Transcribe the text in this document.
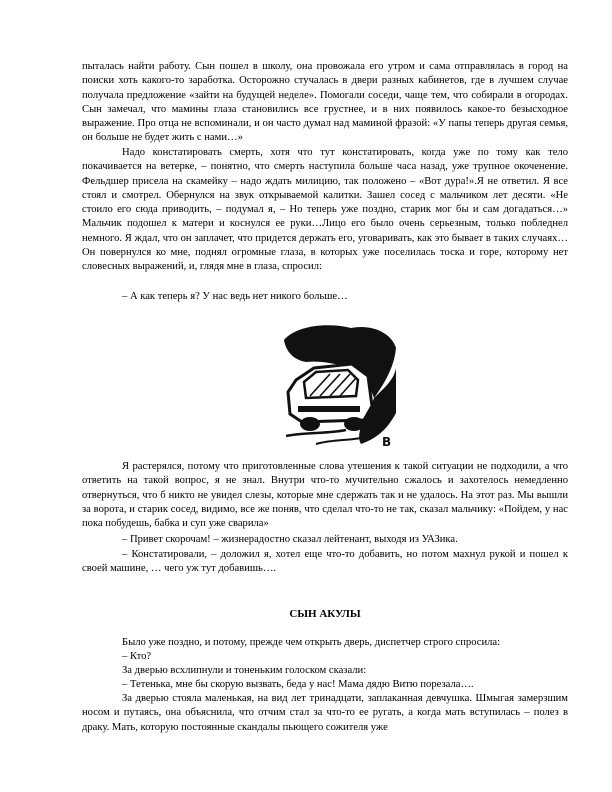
пыталась найти работу. Сын пошел в школу, она провожала его утром и сама отправлялась в город на поиски хоть какого-то заработка. Осторожно стучалась в двери разных кабинетов, где в лучшем случае получала предложение «зайти на будущей неделе». Помогали соседи, чаще тем, что собирали в огородах. Сын замечал, что мамины глаза становились все грустнее, и в них появилось какое-то безысходное выражение. Про отца не вспоминали, и он часто думал над маминой фразой: «У папы теперь другая семья, он больше не будет жить с нами…»

Надо констатировать смерть, хотя что тут констатировать, когда уже по тому как тело покачивается на ветерке, – понятно, что смерть наступила больше часа назад, уже трупное окоченение. Фельдшер присела на скамейку – надо ждать милицию, так положено – «Вот дура!».Я не ответил. Я все стоял и смотрел. Обернулся на звук открываемой калитки. Зашел сосед с мальчиком лет десяти. «Не стоило его сюда приводить, – подумал я, – Но теперь уже поздно, старик мог бы и сам догадаться…» Мальчик подошел к матери и коснулся ее руки…Лицо его было очень серьезным, только побледнел немного. Я ждал, что он заплачет, что придется держать его, уговаривать, как это бывает в таких случаях… Он повернулся ко мне, поднял огромные глаза, в которых уже поселилась тоска и горе, которому нет словесных выражений, и, глядя мне в глаза, спросил:

– А как теперь я? У нас ведь нет никого больше…

В

Я растерялся, потому что приготовленные слова утешения к такой ситуации не подходили, а что ответить на такой вопрос, я не знал. Внутри что-то мучительно сжалось и захотелось немедленно отвернуться, что б никто не увидел слезы, которые мне сдержать так и не удалось. На этот раз. Мы вышли за ворота, и старик сосед, видимо, все же поняв, что сделал что-то не так, сказал мальчику: «Пойдем, у нас пока побудешь, бабка и суп уже сварила»

– Привет скорочам! – жизнерадостно сказал лейтенант, выходя из УАЗика.

– Констатировали, – доложил я, хотел еще что-то добавить, но потом махнул рукой и пошел к своей машине, … чего уж тут добавишь….

СЫН АКУЛЫ

Было уже поздно, и потому, прежде чем открыть дверь, диспетчер строго спросила:

– Кто?

За дверью всхлипнули и тоненьким голоском сказали:

– Тетенька, мне бы скорую вызвать, беда у нас! Мама дядю Витю порезала….

За дверью стояла маленькая, на вид лет тринадцати, заплаканная девчушка. Шмыгая замерзшим носом и путаясь, она объяснила, что отчим стал за что-то ее ругать, а когда мать вступилась – полез в драку. Мать, которую постоянные скандалы пьющего сожителя уже
